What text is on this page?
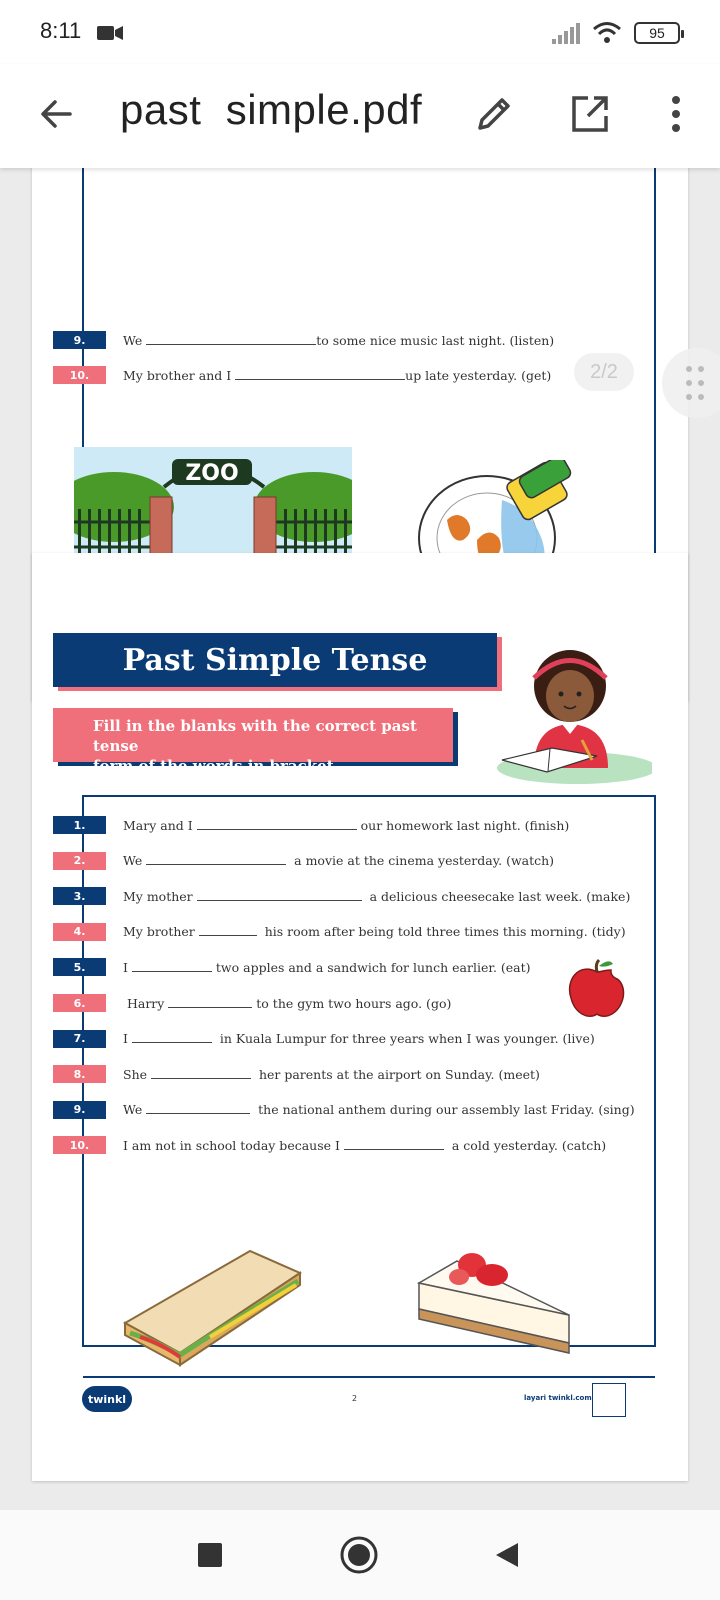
8:11	95
past  simple.pdf
2/2
9.	We	to some nice music last night. (listen)
10.	My brother and I	up late yesterday. (get)
ZOO
Past Simple Tense
Fill in the blanks with the correct past tense
form of the words in bracket.
1.	Mary and I	our homework last night. (finish)
2.	We	a movie at the cinema yesterday. (watch)
3.	My mother	a delicious cheesecake last week. (make)
4.	My brother	his room after being told three times this morning. (tidy)
5.	I	two apples and a sandwich for lunch earlier. (eat)
6.	Harry	to the gym two hours ago. (go)
7.	I	in Kuala Lumpur for three years when I was younger. (live)
8.	She	her parents at the airport on Sunday. (meet)
9.	We	the national anthem during our assembly last Friday. (sing)
10.	I am not in school today because I	a cold yesterday. (catch)
twinkl	2	layari twinkl.com
